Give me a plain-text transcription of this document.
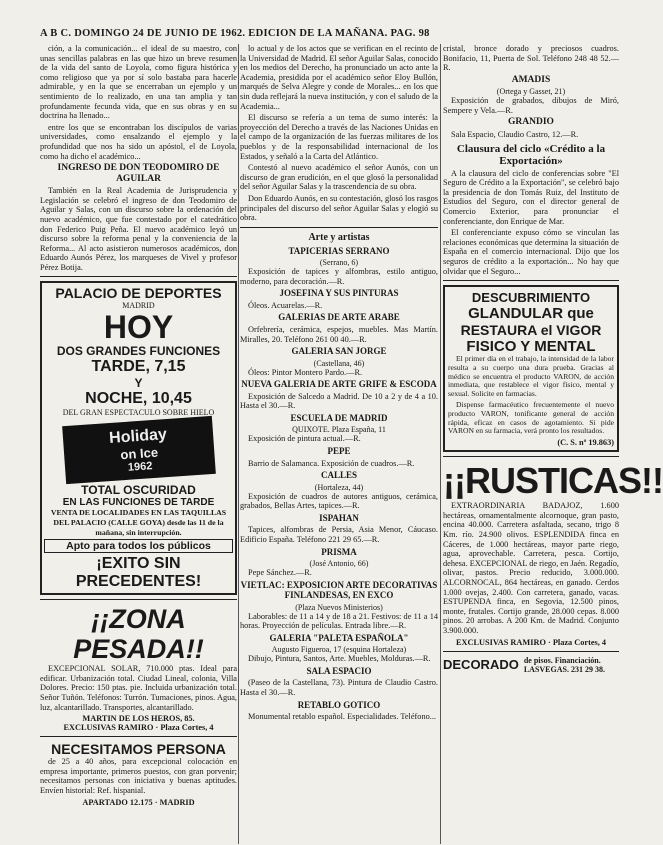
A B C. DOMINGO 24 DE JUNIO DE 1962. EDICION DE LA MAÑANA. PAG. 98

ción, a la comunicación... el ideal de su maestro, con unas sencillas palabras en las que hizo un breve resumen de la vida del santo de Loyola, como figura histórica y como religioso que ya por sí solo bastaba para hacerle admirable, y en la que se encerraban un ejemplo y un sentimiento de lo realizado, en una tan amplia y tan profundamente fecunda vida, que en sus obras y en su doctrina ha llenado...

entre los que se encontraban los discípulos de varias universidades, como ensalzando el ejemplo y la profundidad que nos ha sido un apóstol, el de Loyola, como ha dicho el académico...

INGRESO DE DON TEODOMIRO DE AGUILAR

También en la Real Academia de Jurisprudencia y Legislación se celebró el ingreso de don Teodomiro de Aguilar y Salas, con un discurso sobre la ordenación del nuevo académico, que fue contestado por el catedrático don Federico Puig Peña. El nuevo académico leyó un discurso sobre la reforma penal y la conveniencia de la Reforma... Al acto asistieron numerosos académicos, don Eduardo Aunós Pérez, los marqueses de Vivel y profesor Pérez Botija.

PALACIO DE DEPORTES
MADRID
HOY
DOS GRANDES FUNCIONES
TARDE, 7,15
Y
NOCHE, 10,45
DEL GRAN ESPECTACULO SOBRE HIELO
Holiday
on Ice
1962
TOTAL OSCURIDAD
EN LAS FUNCIONES DE TARDE

VENTA DE LOCALIDADES EN LAS TAQUILLAS DEL PALACIO (CALLE GOYA) desde las 11 de la mañana, sin interrupción.

Apto para todos los públicos
¡EXITO SIN
PRECEDENTES!
¡¡ZONA PESADA!!

EXCEPCIONAL SOLAR, 710.000 ptas. Ideal para edificar. Urbanización total. Ciudad Lineal, colonia, Villa Dolores. Precio: 150 ptas. pie. Incluida urbanización total. Señor Tuñón. Teléfonos: Turrón. Tumaciones, pinos. Agua, luz, alcantarillado. Transportes, alcantarillado.

MARTIN DE LOS HEROS, 85.
EXCLUSIVAS RAMIRO · Plaza Cortes, 4
NECESITAMOS PERSONA

de 25 a 40 años, para excepcional colocación en empresa importante, primeros puestos, con gran porvenir; necesitamos personas con iniciativa y buenas aptitudes. Envíen historial: Ref. hispanial.

APARTADO 12.175 · MADRID

lo actual y de los actos que se verifican en el recinto de la Universidad de Madrid. El señor Aguilar Salas, conocido en los medios del Derecho, ha pronunciado un acto ante la Academia, presidida por el académico señor Eloy Bullón, marqués de Selva Alegre y conde de Morales... en los que sin duda reflejará la nueva institución, y con el saludo de la Academia...

El discurso se refería a un tema de sumo interés: la proyección del Derecho a través de las Naciones Unidas en el campo de la organización de las fuerzas militares de los pueblos y de la responsabilidad internacional de los Estados, y señaló a la Carta del Atlántico.

Contestó al nuevo académico el señor Aunós, con un discurso de gran erudición, en el que glosó la personalidad del señor Aguilar Salas y la trascendencia de su obra.

Don Eduardo Aunós, en su contestación, glosó los rasgos principales del discurso del señor Aguilar Salas y elogió su obra.

Arte y artistas
TAPICERIAS SERRANO
(Serrano, 6)

Exposición de tapices y alfombras, estilo antiguo, moderno, para decoración.—R.

JOSEFINA Y SUS PINTURAS

Óleos. Acuarelas.—R.

GALERIAS DE ARTE ARABE

Orfebrería, cerámica, espejos, muebles. Mas Martín. Miralles, 20. Teléfono 261 00 40.—R.

GALERIA SAN JORGE
(Castellana, 46)

Óleos: Pintor Montero Pardo.—R.

NUEVA GALERIA DE ARTE GRIFE & ESCODA

Exposición de Salcedo a Madrid. De 10 a 2 y de 4 a 10. Hasta el 30.—R.

ESCUELA DE MADRID
QUIXOTE. Plaza España, 11

Exposición de pintura actual.—R.

PEPE

Barrio de Salamanca. Exposición de cuadros.—R.

CALLES
(Hortaleza, 44)

Exposición de cuadros de autores antiguos, cerámica, grabados, Bellas Artes, tapices.—R.

ISPAHAN

Tapices, alfombras de Persia, Asia Menor, Cáucaso. Edificio España. Teléfono 221 29 65.—R.

PRISMA
(José Antonio, 66)

Pepe Sánchez.—R.

VIETLAC: EXPOSICION ARTE DECORATIVAS FINLANDESAS, EN EXCO
(Plaza Nuevos Ministerios)

Laborables: de 11 a 14 y de 18 a 21. Festivos: de 11 a 14 horas. Proyección de películas. Entrada libre.—R.

GALERIA "PALETA ESPAÑOLA"
Augusto Figueroa, 17 (esquina Hortaleza)

Dibujo, Pintura, Santos, Arte. Muebles, Molduras.—R.

SALA ESPACIO

(Paseo de la Castellana, 73). Pintura de Claudio Castro. Hasta el 30.—R.

RETABLO GOTICO

Monumental retablo español. Especialidades. Teléfono...

cristal, bronce dorado y preciosos cuadros. Bonifacio, 11, Puerta de Sol. Teléfono 248 48 52.—R.

AMADIS
(Ortega y Gasset, 21)

Exposición de grabados, dibujos de Miró, Sempere y Vela.—R.

GRANDIO

Sala Espacio, Claudio Castro, 12.—R.

Clausura del ciclo «Crédito a la Exportación»

A la clausura del ciclo de conferencias sobre "El Seguro de Crédito a la Exportación", se celebró bajo la presidencia de don Tomás Ruiz, del Instituto de Estudios del Seguro, con el director general de Comercio Exterior, para pronunciar el conferenciante, don Enrique de Mar.

El conferenciante expuso cómo se vinculan las relaciones económicas que determina la situación de España en el comercio internacional. Dijo que los seguros de crédito a la exportación... No hay que olvidar que el Seguro...

DESCUBRIMIENTO
GLANDULAR que
RESTAURA el VIGOR
FISICO Y MENTAL

El primer día en el trabajo, la intensidad de la labor resulta a su cuerpo una dura prueba. Gracias al médico se encuentra el producto VARON, de acción inmediata, que restablece el vigor físico, mental y sexual. Solicite en farmacias.

Dispense farmacéutico frecuentemente el nuevo producto VARON, tonificante general de acción rápida, eficaz en casos de agotamiento. Si pide VARON en su farmacia, verá pronto los resultados.

(C. S. nº 19.863)
¡¡RUSTICAS!!

EXTRAORDINARIA BADAJOZ, 1.600 hectáreas, ornamentalmente alcornoque, gran pasto, encina 40.000. Carretera asfaltada, secano, trigo 8 Km. río. 24.900 olivos. ESPLENDIDA finca en Cáceres, de 1.000 hectáreas, mayor parte riego, agua, aprovechable. Carretera, pesca. Cortijo, dehesa. EXCEPCIONAL de riego, en Jaén. Regadío, olivar, pastos. Precio reducido, 3.000.000. ALCORNOCAL, 864 hectáreas, en ganado. Cerdos 1.000 ovejas, 2.400. Con carretera, ganado, vacas. ESTUPENDA finca, en Segovia, 12.500 pinos, monte, frutales. Cortijo grande, 28.000 cepas. 8.000 pinos. 20 arrobas. A 200 Km. de Madrid. Conjunto 3.900.000.

EXCLUSIVAS RAMIRO · Plaza Cortes, 4
DECORADO de pisos. Financiación. LASVEGAS. 231 29 38.
